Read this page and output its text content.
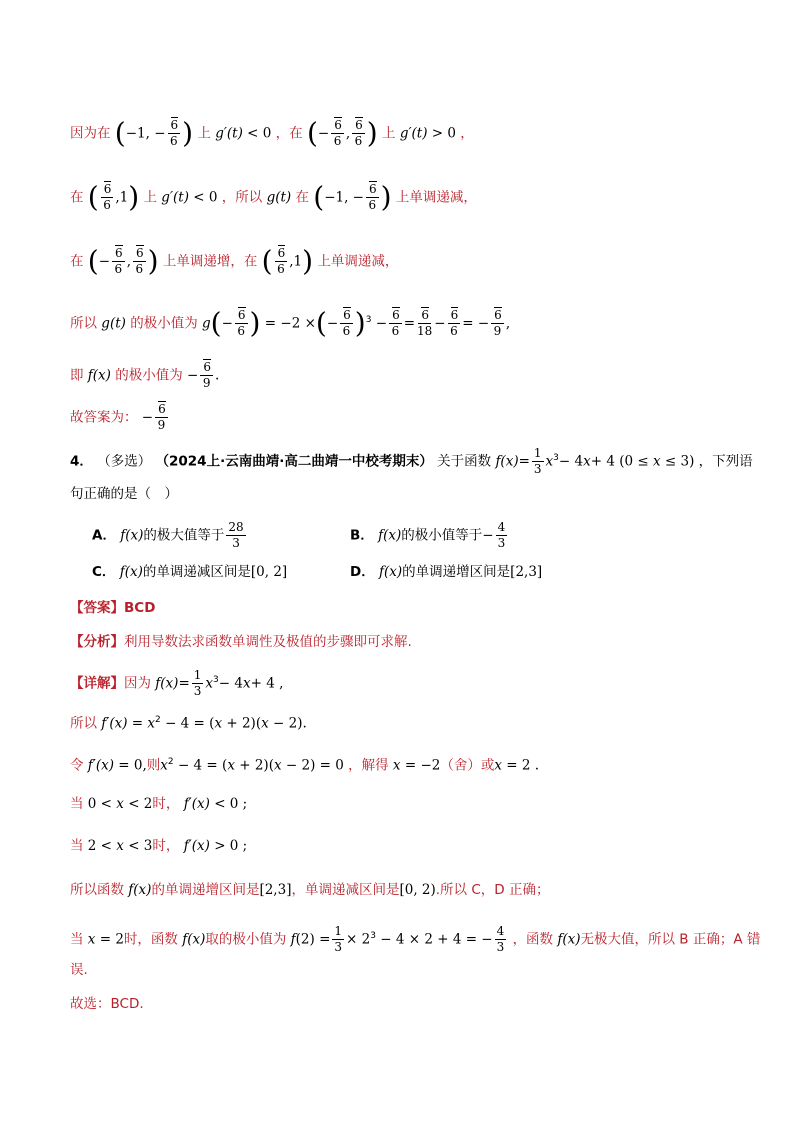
因为在 (−1, − $\frac{6}{6}$ ) 上 g′(t) < 0 ，在 (− $\frac{6}{6}$ , $\frac{6}{6}$ ) 上 g′(t) > 0 ，
在 ( $\frac{6}{6} ,1$) 上 g′(t) < 0 ，所以 g(t) 在 (−1, − $\frac{6}{6}$ ) 上单调递减，
在 (− $\frac{6}{6}$ , $\frac{6}{6}$ ) 上单调递增，在 ( $\frac{6}{6} ,1$) 上单调递减，
所以 g(t) 的极小值为 $g(- \frac{6}{6}$ ) = −2 ×(− $\frac{6}{6} )^3 - \frac{6}{6} = \frac{6}{18} - \frac{6}{6}$ = − $\frac{6}{9}$ ,
即 f(x) 的极小值为 − $\frac{6}{9}$ .
故答案为： − $\frac{6}{9}$
4． （多选） （2024上·云南曲靖·高二曲靖一中校考期末） 关于函数 $f(x)= \frac{1}{3} x^3- 4x+ 4$ (0 ≤ x ≤ 3) ，下列语
句正确的是（　）
A． f(x)的极大值等于 $\frac{28}{3}$	B． f(x)的极小值等于− $\frac{4}{3}$
C． f(x)的单调递减区间是[0, 2]	D． f(x)的单调递增区间是[2,3]
【答案】BCD
【分析】利用导数法求函数单调性及极值的步骤即可求解.
【详解】因为 $f(x)= \frac{1}{3} x^3- 4x+ 4$ ,
所以 $f'(x) = x^2 - 4 = (x + 2)(x - 2)$.
令 f′(x) = 0,则$x^2 - 4 = (x + 2)(x - 2) = 0$ ，解得 x = −2（舍）或x = 2 .
当 0 < x < 2时， f′(x) < 0 ;
当 2 < x < 3时， f′(x) > 0 ;
所以函数 f(x)的单调递增区间是[2,3]，单调递减区间是[0, 2).所以 C，D 正确；
当 x = 2时，函数 f(x)取的极小值为 $f(2) = \frac{1}{3} \times 2^3 - 4 \times 2 + 4$ = − $\frac{4}{3}$ ，函数 f(x)无极大值，所以 B 正确；A 错
误.
故选：BCD.
